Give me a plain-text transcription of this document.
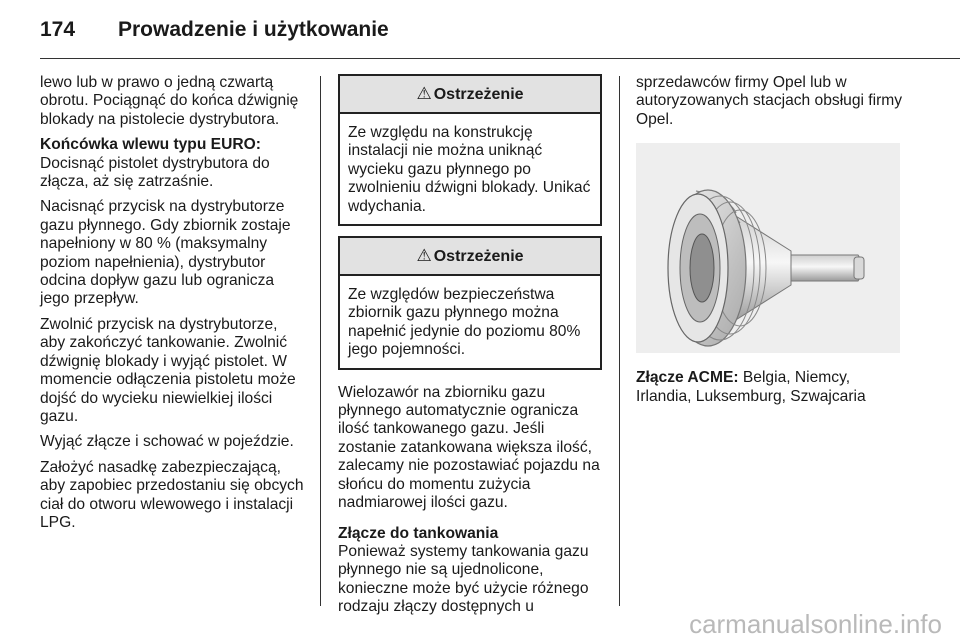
174 Prowadzenie i użytkowanie

lewo lub w prawo o jedną czwartą obrotu. Pociągnąć do końca dźwignię blokady na pistolecie dystrybutora.

Końcówka wlewu typu EURO:
Docisnąć pistolet dystrybutora do złącza, aż się zatrzaśnie.

Nacisnąć przycisk na dystrybutorze gazu płynnego. Gdy zbiornik zostaje napełniony w 80 % (maksymalny poziom napełnienia), dystrybutor odcina dopływ gazu lub ogranicza jego przepływ.

Zwolnić przycisk na dystrybutorze, aby zakończyć tankowanie. Zwolnić dźwignię blokady i wyjąć pistolet. W momencie odłączenia pistoletu może dojść do wycieku niewielkiej ilości gazu.

Wyjąć złącze i schować w pojeździe.

Założyć nasadkę zabezpieczającą, aby zapobiec przedostaniu się obcych ciał do otworu wlewowego i instalacji LPG.

⚠ Ostrzeżenie
Ze względu na konstrukcję instalacji nie można uniknąć wycieku gazu płynnego po zwolnieniu dźwigni blokady. Unikać wdychania.
⚠ Ostrzeżenie
Ze względów bezpieczeństwa zbiornik gazu płynnego można napełnić jedynie do poziomu 80% jego pojemności.

Wielozawór na zbiorniku gazu płynnego automatycznie ogranicza ilość tankowanego gazu. Jeśli zostanie zatankowana większa ilość, zalecamy nie pozostawiać pojazdu na słońcu do momentu zużycia nadmiarowej ilości gazu.

Złącze do tankowania
Ponieważ systemy tankowania gazu płynnego nie są ujednolicone, konieczne może być użycie różnego rodzaju złączy dostępnych u

sprzedawców firmy Opel lub w autoryzowanych stacjach obsługi firmy Opel.

Złącze ACME: Belgia, Niemcy, Irlandia, Luksemburg, Szwajcaria

carmanualsonline.info
